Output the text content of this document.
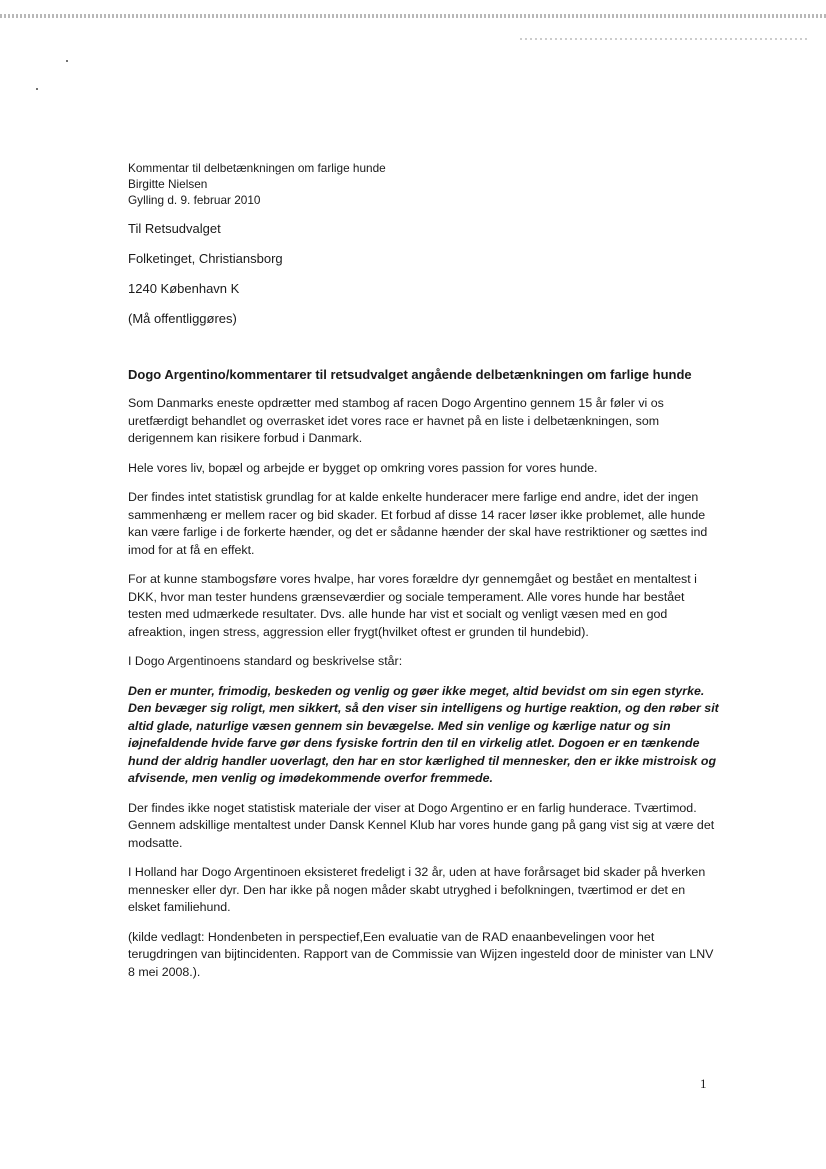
Kommentar til delbetænkningen om farlige hunde

Birgitte Nielsen

Gylling d. 9. februar 2010

Til Retsudvalget

Folketinget, Christiansborg

1240 København K

(Må offentliggøres)

Dogo Argentino/kommentarer til retsudvalget angående delbetænkningen om farlige hunde

Som Danmarks eneste opdrætter med stambog af racen Dogo Argentino gennem 15 år føler vi os uretfærdigt behandlet og overrasket idet vores race er havnet på en liste i delbetænkningen, som derigennem kan risikere forbud i Danmark.

Hele vores liv, bopæl og arbejde er bygget op omkring vores passion for vores hunde.

Der findes intet statistisk grundlag for at kalde enkelte hunderacer mere farlige end andre, idet der ingen sammenhæng er mellem racer og bid skader. Et forbud af disse 14 racer løser ikke problemet, alle hunde kan være farlige i de forkerte hænder, og det er sådanne hænder der skal have restriktioner og sættes ind imod for at få en effekt.

For at kunne stambogsføre vores hvalpe, har vores forældre dyr gennemgået og bestået en mentaltest i DKK, hvor man tester hundens grænseværdier og sociale temperament. Alle vores hunde har bestået testen med udmærkede resultater. Dvs. alle hunde har vist et socialt og venligt væsen med en god afreaktion, ingen stress, aggression eller frygt(hvilket oftest er grunden til hundebid).

I Dogo Argentinoens standard og beskrivelse står:

Den er munter, frimodig, beskeden og venlig og gøer ikke meget, altid bevidst om sin egen styrke. Den bevæger sig roligt, men sikkert, så den viser sin intelligens og hurtige reaktion, og den røber sit altid glade, naturlige væsen gennem sin bevægelse. Med sin venlige og kærlige natur og sin iøjnefaldende hvide farve gør dens fysiske fortrin den til en virkelig atlet. Dogoen er en tænkende hund der aldrig handler uoverlagt, den har en stor kærlighed til mennesker, den er ikke mistroisk og afvisende, men venlig og imødekommende overfor fremmede.

Der findes ikke noget statistisk materiale der viser at Dogo Argentino er en farlig hunderace. Tværtimod. Gennem adskillige mentaltest under Dansk Kennel Klub har vores hunde gang på gang vist sig at være det modsatte.

I Holland har Dogo Argentinoen eksisteret fredeligt i 32 år, uden at have forårsaget bid skader på hverken mennesker eller dyr. Den har ikke på nogen måder skabt utryghed i befolkningen, tværtimod er det en elsket familiehund.

(kilde vedlagt: Hondenbeten in perspectief,Een evaluatie van de RAD enaanbevelingen voor het terugdringen van bijtincidenten. Rapport van de Commissie van Wijzen ingesteld door de minister van LNV 8 mei 2008.).

1
